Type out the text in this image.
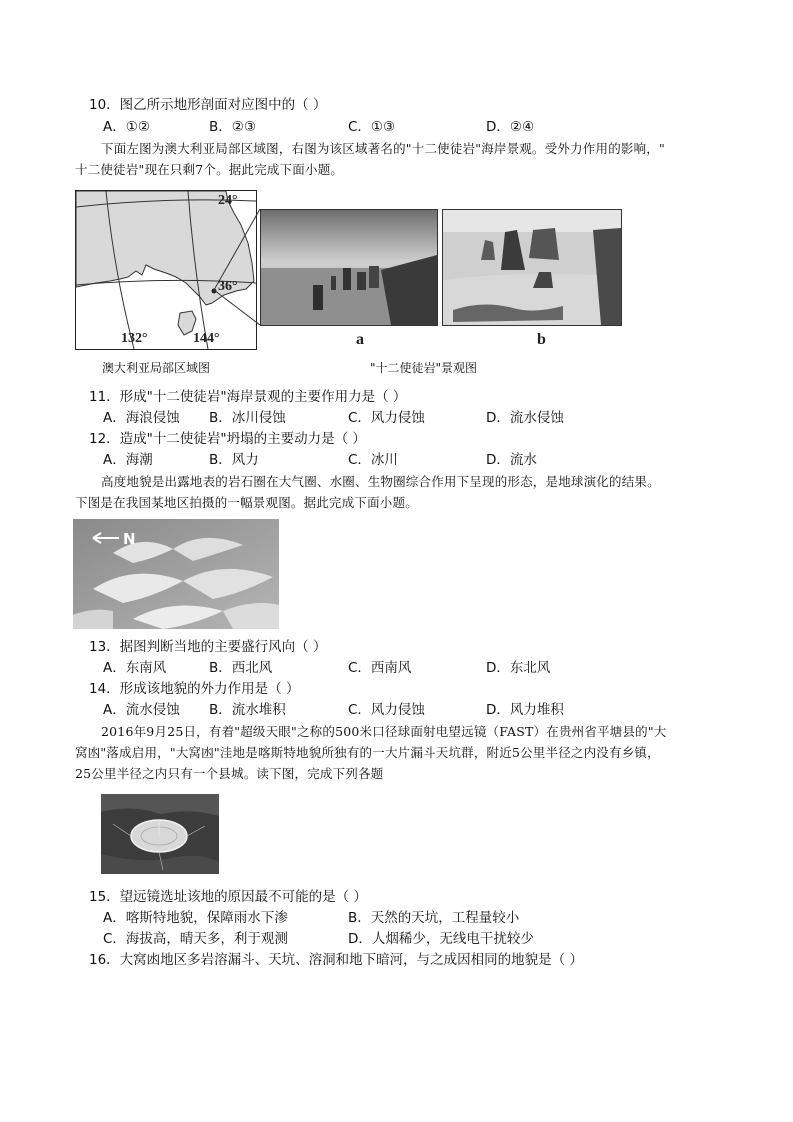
10．图乙所示地形剖面对应图中的（ ）
A．①②	B．②③	C．①③	D．②④
下面左图为澳大利亚局部区域图，右图为该区域著名的"十二使徒岩"海岸景观。受外力作用的影响，"
十二使徒岩"现在只剩7个。据此完成下面小题。
24°
36°
132°	144°	a	b
澳大利亚局部区域图	"十二使徒岩"景观图
11．形成"十二使徒岩"海岸景观的主要作用力是（ ）
A．海浪侵蚀 B．冰川侵蚀	C．风力侵蚀	D．流水侵蚀
12．造成"十二使徒岩"坍塌的主要动力是（ ）
A．海潮	B．风力	C．冰川	D．流水
高度地貌是出露地表的岩石圈在大气圈、水圈、生物圈综合作用下呈现的形态，是地球演化的结果。
下图是在我国某地区拍摄的一幅景观图。据此完成下面小题。
N
13．据图判断当地的主要盛行风向（ ）
A．东南风	B．西北风	C．西南风	D．东北风
14．形成该地貌的外力作用是（ ）
A．流水侵蚀 B．流水堆积	C．风力侵蚀	D．风力堆积
2016年9月25日，有着"超级天眼"之称的500米口径球面射电望远镜（FAST）在贵州省平塘县的"大
窝凼"落成启用，"大窝凼"洼地是喀斯特地貌所独有的一大片漏斗天坑群，附近5公里半径之内没有乡镇，
25公里半径之内只有一个县城。读下图，完成下列各题
15．望远镜选址该地的原因最不可能的是（ ）
A．喀斯特地貌，保障雨水下渗	B．天然的天坑，工程量较小
C．海拔高，晴天多，利于观测	D．人烟稀少，无线电干扰较少
16．大窝凼地区多岩溶漏斗、天坑、溶洞和地下暗河，与之成因相同的地貌是（ ）
